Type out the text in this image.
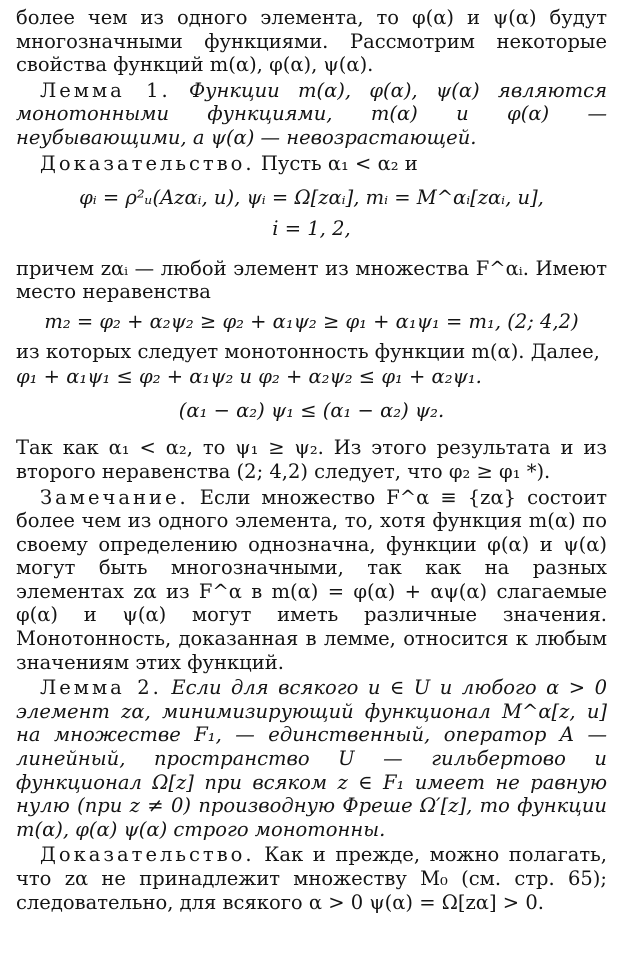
более чем из одного элемента, то φ(α) и ψ(α) будут многозначными функциями. Рассмотрим некоторые свойства функций m(α), φ(α), ψ(α).

Лемма 1. Функции m(α), φ(α), ψ(α) являются монотонными функциями, m(α) и φ(α) — неубывающими, а ψ(α) — невозрастающей.

Доказательство. Пусть α₁ < α₂ и

φᵢ = ρ²ᵤ(Azαᵢ, u), ψᵢ = Ω[zαᵢ], mᵢ = M^αᵢ[zαᵢ, u],
i = 1, 2,

причем zαᵢ — любой элемент из множества F^αᵢ. Имеют место неравенства

m₂ = φ₂ + α₂ψ₂ ≥ φ₂ + α₁ψ₂ ≥ φ₁ + α₁ψ₁ = m₁, (2; 4,2)

из которых следует монотонность функции m(α). Далее,

φ₁ + α₁ψ₁ ≤ φ₂ + α₁ψ₂ и φ₂ + α₂ψ₂ ≤ φ₁ + α₂ψ₁.
(α₁ − α₂) ψ₁ ≤ (α₁ − α₂) ψ₂.

Так как α₁ < α₂, то ψ₁ ≥ ψ₂. Из этого результата и из второго неравенства (2; 4,2) следует, что φ₂ ≥ φ₁ *).

Замечание. Если множество F^α ≡ {zα} состоит более чем из одного элемента, то, хотя функция m(α) по своему определению однозначна, функции φ(α) и ψ(α) могут быть многозначными, так как на разных элементах zα из F^α в m(α) = φ(α) + αψ(α) слагаемые φ(α) и ψ(α) могут иметь различные значения. Монотонность, доказанная в лемме, относится к любым значениям этих функций.

Лемма 2. Если для всякого u ∈ U и любого α > 0 элемент zα, минимизирующий функционал M^α[z, u] на множестве F₁, — единственный, оператор A — линейный, пространство U — гильбертово и функционал Ω[z] при всяком z ∈ F₁ имеет не равную нулю (при z ≠ 0) производную Фреше Ω′[z], то функции m(α), φ(α) ψ(α) строго монотонны.

Доказательство. Как и прежде, можно полагать, что zα не принадлежит множеству M₀ (см. стр. 65); следовательно, для всякого α > 0 ψ(α) = Ω[zα] > 0.
